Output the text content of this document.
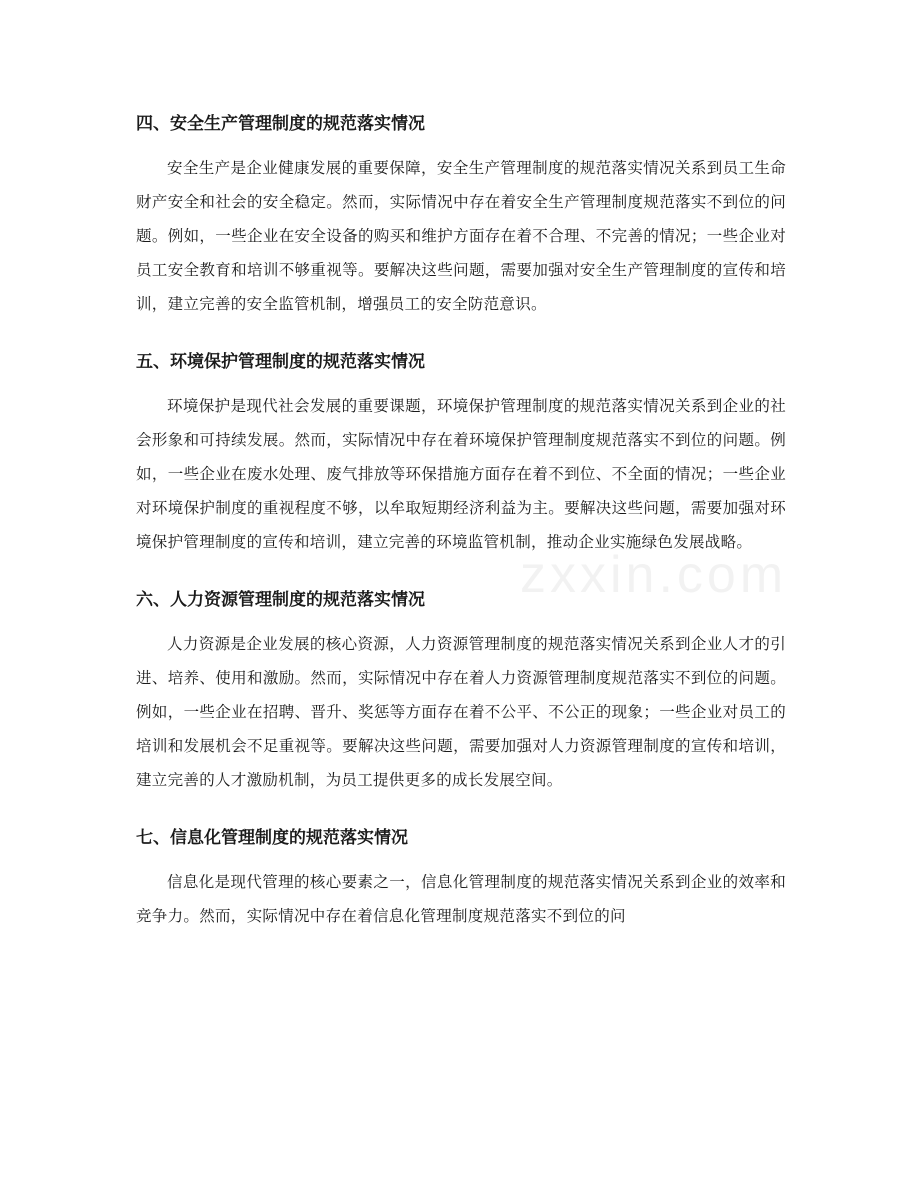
四、安全生产管理制度的规范落实情况

安全生产是企业健康发展的重要保障，安全生产管理制度的规范落实情况关系到员工生命财产安全和社会的安全稳定。然而，实际情况中存在着安全生产管理制度规范落实不到位的问题。例如，一些企业在安全设备的购买和维护方面存在着不合理、不完善的情况；一些企业对员工安全教育和培训不够重视等。要解决这些问题，需要加强对安全生产管理制度的宣传和培训，建立完善的安全监管机制，增强员工的安全防范意识。

五、环境保护管理制度的规范落实情况

环境保护是现代社会发展的重要课题，环境保护管理制度的规范落实情况关系到企业的社会形象和可持续发展。然而，实际情况中存在着环境保护管理制度规范落实不到位的问题。例如，一些企业在废水处理、废气排放等环保措施方面存在着不到位、不全面的情况；一些企业对环境保护制度的重视程度不够，以牟取短期经济利益为主。要解决这些问题，需要加强对环境保护管理制度的宣传和培训，建立完善的环境监管机制，推动企业实施绿色发展战略。

六、人力资源管理制度的规范落实情况

人力资源是企业发展的核心资源，人力资源管理制度的规范落实情况关系到企业人才的引进、培养、使用和激励。然而，实际情况中存在着人力资源管理制度规范落实不到位的问题。例如，一些企业在招聘、晋升、奖惩等方面存在着不公平、不公正的现象；一些企业对员工的培训和发展机会不足重视等。要解决这些问题，需要加强对人力资源管理制度的宣传和培训，建立完善的人才激励机制，为员工提供更多的成长发展空间。

七、信息化管理制度的规范落实情况

信息化是现代管理的核心要素之一，信息化管理制度的规范落实情况关系到企业的效率和竞争力。然而，实际情况中存在着信息化管理制度规范落实不到位的问

zxxin.com
